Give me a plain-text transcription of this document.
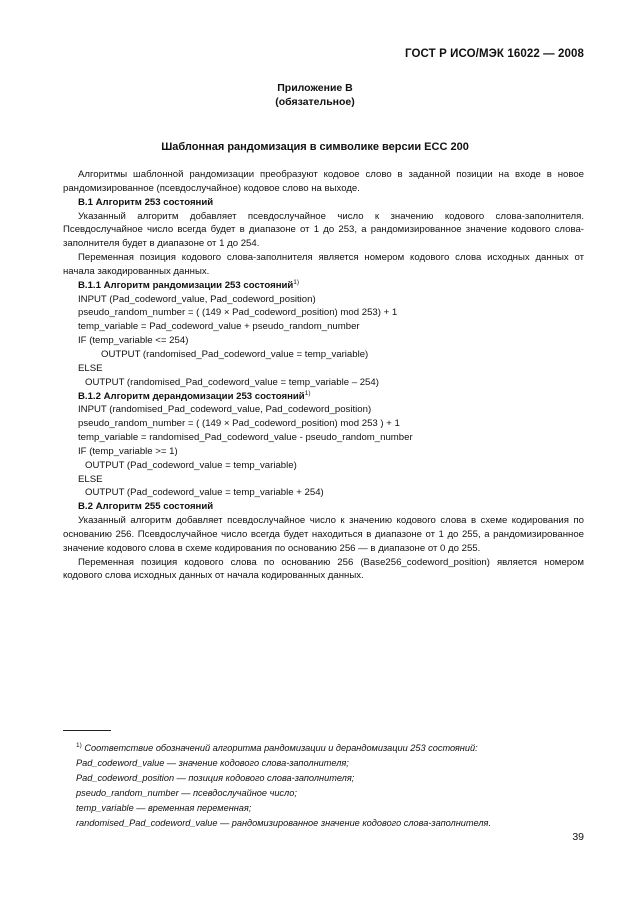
ГОСТ Р ИСО/МЭК 16022 — 2008
Приложение В
(обязательное)
Шаблонная рандомизация в символике версии ECC 200

Алгоритмы шаблонной рандомизации преобразуют кодовое слово в заданной позиции на входе в новое рандомизированное (псевдослучайное) кодовое слово на выходе.

В.1 Алгоритм 253 состояний

Указанный алгоритм добавляет псевдослучайное число к значению кодового слова-заполнителя. Псевдослучайное число всегда будет в диапазоне от 1 до 253, а рандомизированное значение кодового слова-заполнителя будет в диапазоне от 1 до 254.

Переменная позиция кодового слова-заполнителя является номером кодового слова исходных данных от начала закодированных данных.

В.1.1 Алгоритм рандомизации 253 состояний$^{1)}$

INPUT (Pad_codeword_value, Pad_codeword_position)

pseudo_random_number = ( (149 × Pad_codeword_position) mod 253) + 1

temp_variable = Pad_codeword_value + pseudo_random_number

IF (temp_variable <= 254)

OUTPUT (randomised_Pad_codeword_value = temp_variable)

ELSE

OUTPUT (randomised_Pad_codeword_value = temp_variable – 254)

В.1.2 Алгоритм дерандомизации 253 состояний$^{1)}$

INPUT (randomised_Pad_codeword_value, Pad_codeword_position)

pseudo_random_number = ( (149 × Pad_codeword_position) mod 253 ) + 1

temp_variable = randomised_Pad_codeword_value - pseudo_random_number

IF (temp_variable >= 1)

OUTPUT (Pad_codeword_value = temp_variable)

ELSE

OUTPUT (Pad_codeword_value = temp_variable + 254)

В.2 Алгоритм 255 состояний

Указанный алгоритм добавляет псевдослучайное число к значению кодового слова в схеме кодирования по основанию 256. Псевдослучайное число всегда будет находиться в диапазоне от 1 до 255, а рандомизированное значение кодового слова в схеме кодирования по основанию 256 — в диапазоне от 0 до 255.

Переменная позиция кодового слова по основанию 256 (Base256_codeword_position) является номером кодового слова исходных данных от начала кодированных данных.

$^{1)}$ Соответствие обозначений алгоритма рандомизации и дерандомизации 253 состояний:

Pad_codeword_value — значение кодового слова-заполнителя;

Pad_codeword_position — позиция кодового слова-заполнителя;

pseudo_random_number — псевдослучайное число;

temp_variable — временная переменная;

randomised_Pad_codeword_value — рандомизированное значение кодового слова-заполнителя.

39
